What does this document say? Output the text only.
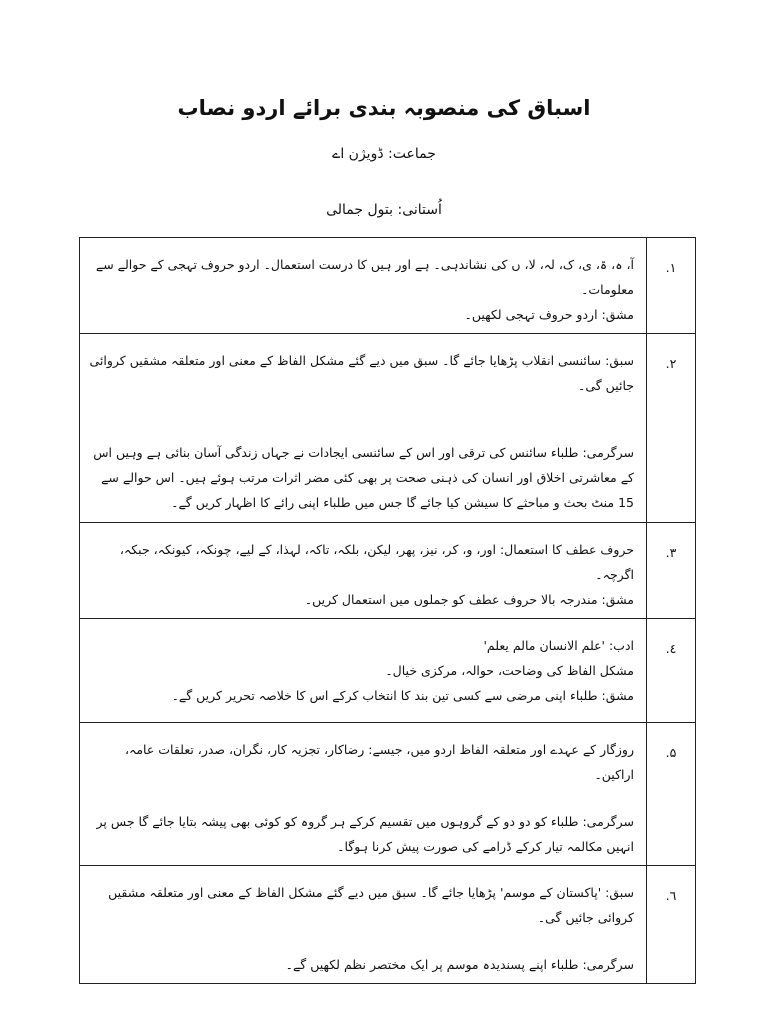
اسباق کی منصوبہ بندی برائے اردو نصاب
جماعت: ڈویژن اے
اُستانی: بتول جمالی
۱.	آ، ہ، ۃ، ی، ک، لہ، لا، ں کی نشاندہی۔ ہے اور ہیں کا درست استعمال۔ اردو حروف تہجی کے حوالے سے معلومات۔

مشق: اردو حروف تہجی لکھیں۔

۲.	سبق: سائنسی انقلاب پڑھایا جائے گا۔ سبق میں دیے گئے مشکل الفاظ کے معنی اور متعلقہ مشقیں کروائی جائیں گی۔

سرگرمی: طلباء سائنس کی ترقی اور اس کے سائنسی ایجادات نے جہاں زندگی آسان بنائی ہے وہیں اس کے معاشرتی اخلاق اور انسان کی ذہنی صحت پر بھی کئی مضر اثرات مرتب ہوئے ہیں۔ اس حوالے سے 15 منٹ بحث و مباحثے کا سیشن کیا جائے گا جس میں طلباء اپنی رائے کا اظہار کریں گے۔

۳.	حروف عطف کا استعمال: اور، و، کر، نیز، پھر، لیکن، بلکہ، تاکہ، لہذا، کے لیے، چونکہ، کیونکہ، جبکہ، اگرچہ۔

مشق: مندرجہ بالا حروف عطف کو جملوں میں استعمال کریں۔

٤.	ادب: 'علم الانسان مالم یعلم'

مشکل الفاظ کی وضاحت، حوالہ، مرکزی خیال۔

مشق: طلباء اپنی مرضی سے کسی تین بند کا انتخاب کرکے اس کا خلاصہ تحریر کریں گے۔

۵.	روزگار کے عہدے اور متعلقہ الفاظ اردو میں، جیسے: رضاکار، تجزیہ کار، نگران، صدر، تعلقات عامہ، اراکین۔

سرگرمی: طلباء کو دو دو کے گروہوں میں تقسیم کرکے ہر گروہ کو کوئی بھی پیشہ بتایا جائے گا جس پر انہیں مکالمہ تیار کرکے ڈرامے کی صورت پیش کرنا ہوگا۔

٦.	سبق: 'پاکستان کے موسم' پڑھایا جائے گا۔ سبق میں دیے گئے مشکل الفاظ کے معنی اور متعلقہ مشقیں کروائی جائیں گی۔

سرگرمی: طلباء اپنے پسندیدہ موسم پر ایک مختصر نظم لکھیں گے۔
